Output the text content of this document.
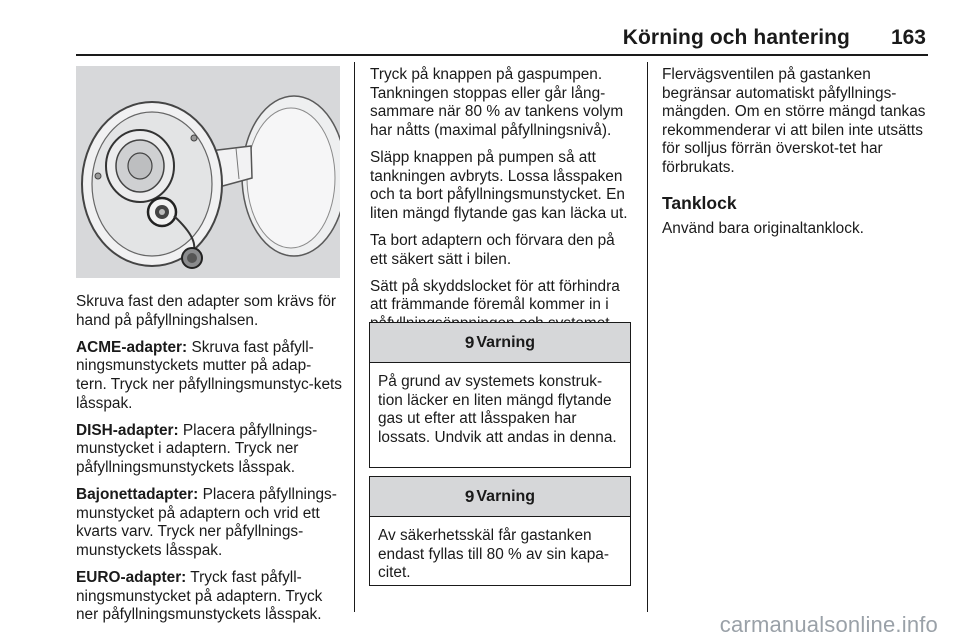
Körning och hantering 163

Skruva fast den adapter som krävs för hand på påfyllningshalsen.

ACME-adapter: Skruva fast påfyll-ningsmunstyckets mutter på adap-tern. Tryck ner påfyllningsmunstyc-kets låsspak.

DISH-adapter: Placera påfyllnings-munstycket i adaptern. Tryck ner påfyllningsmunstyckets låsspak.

Bajonettadapter: Placera påfyllnings-munstycket på adaptern och vrid ett kvarts varv. Tryck ner påfyllnings-munstyckets låsspak.

EURO-adapter: Tryck fast påfyll-ningsmunstycket på adaptern. Tryck ner påfyllningsmunstyckets låsspak.

Tryck på knappen på gaspumpen. Tankningen stoppas eller går lång-sammare när 80 % av tankens volym har nåtts (maximal påfyllningsnivå).

Släpp knappen på pumpen så att tankningen avbryts. Lossa låsspaken och ta bort påfyllningsmunstycket. En liten mängd flytande gas kan läcka ut.

Ta bort adaptern och förvara den på ett säkert sätt i bilen.

Sätt på skyddslocket för att förhindra att främmande föremål kommer in i

9 Varning
På grund av systemets konstruk-tion läcker en liten mängd flytande gas ut efter att låsspaken har lossats. Undvik att andas in denna.
9 Varning
Av säkerhetsskäl får gastanken endast fyllas till 80 % av sin kapa-citet.

Flervägsventilen på gastanken begränsar automatiskt påfyllnings-mängden. Om en större mängd tankas rekommenderar vi att bilen inte utsätts för solljus förrän överskot-tet har förbrukats.

Tanklock

Använd bara originaltanklock.

carmanualsonline.info
